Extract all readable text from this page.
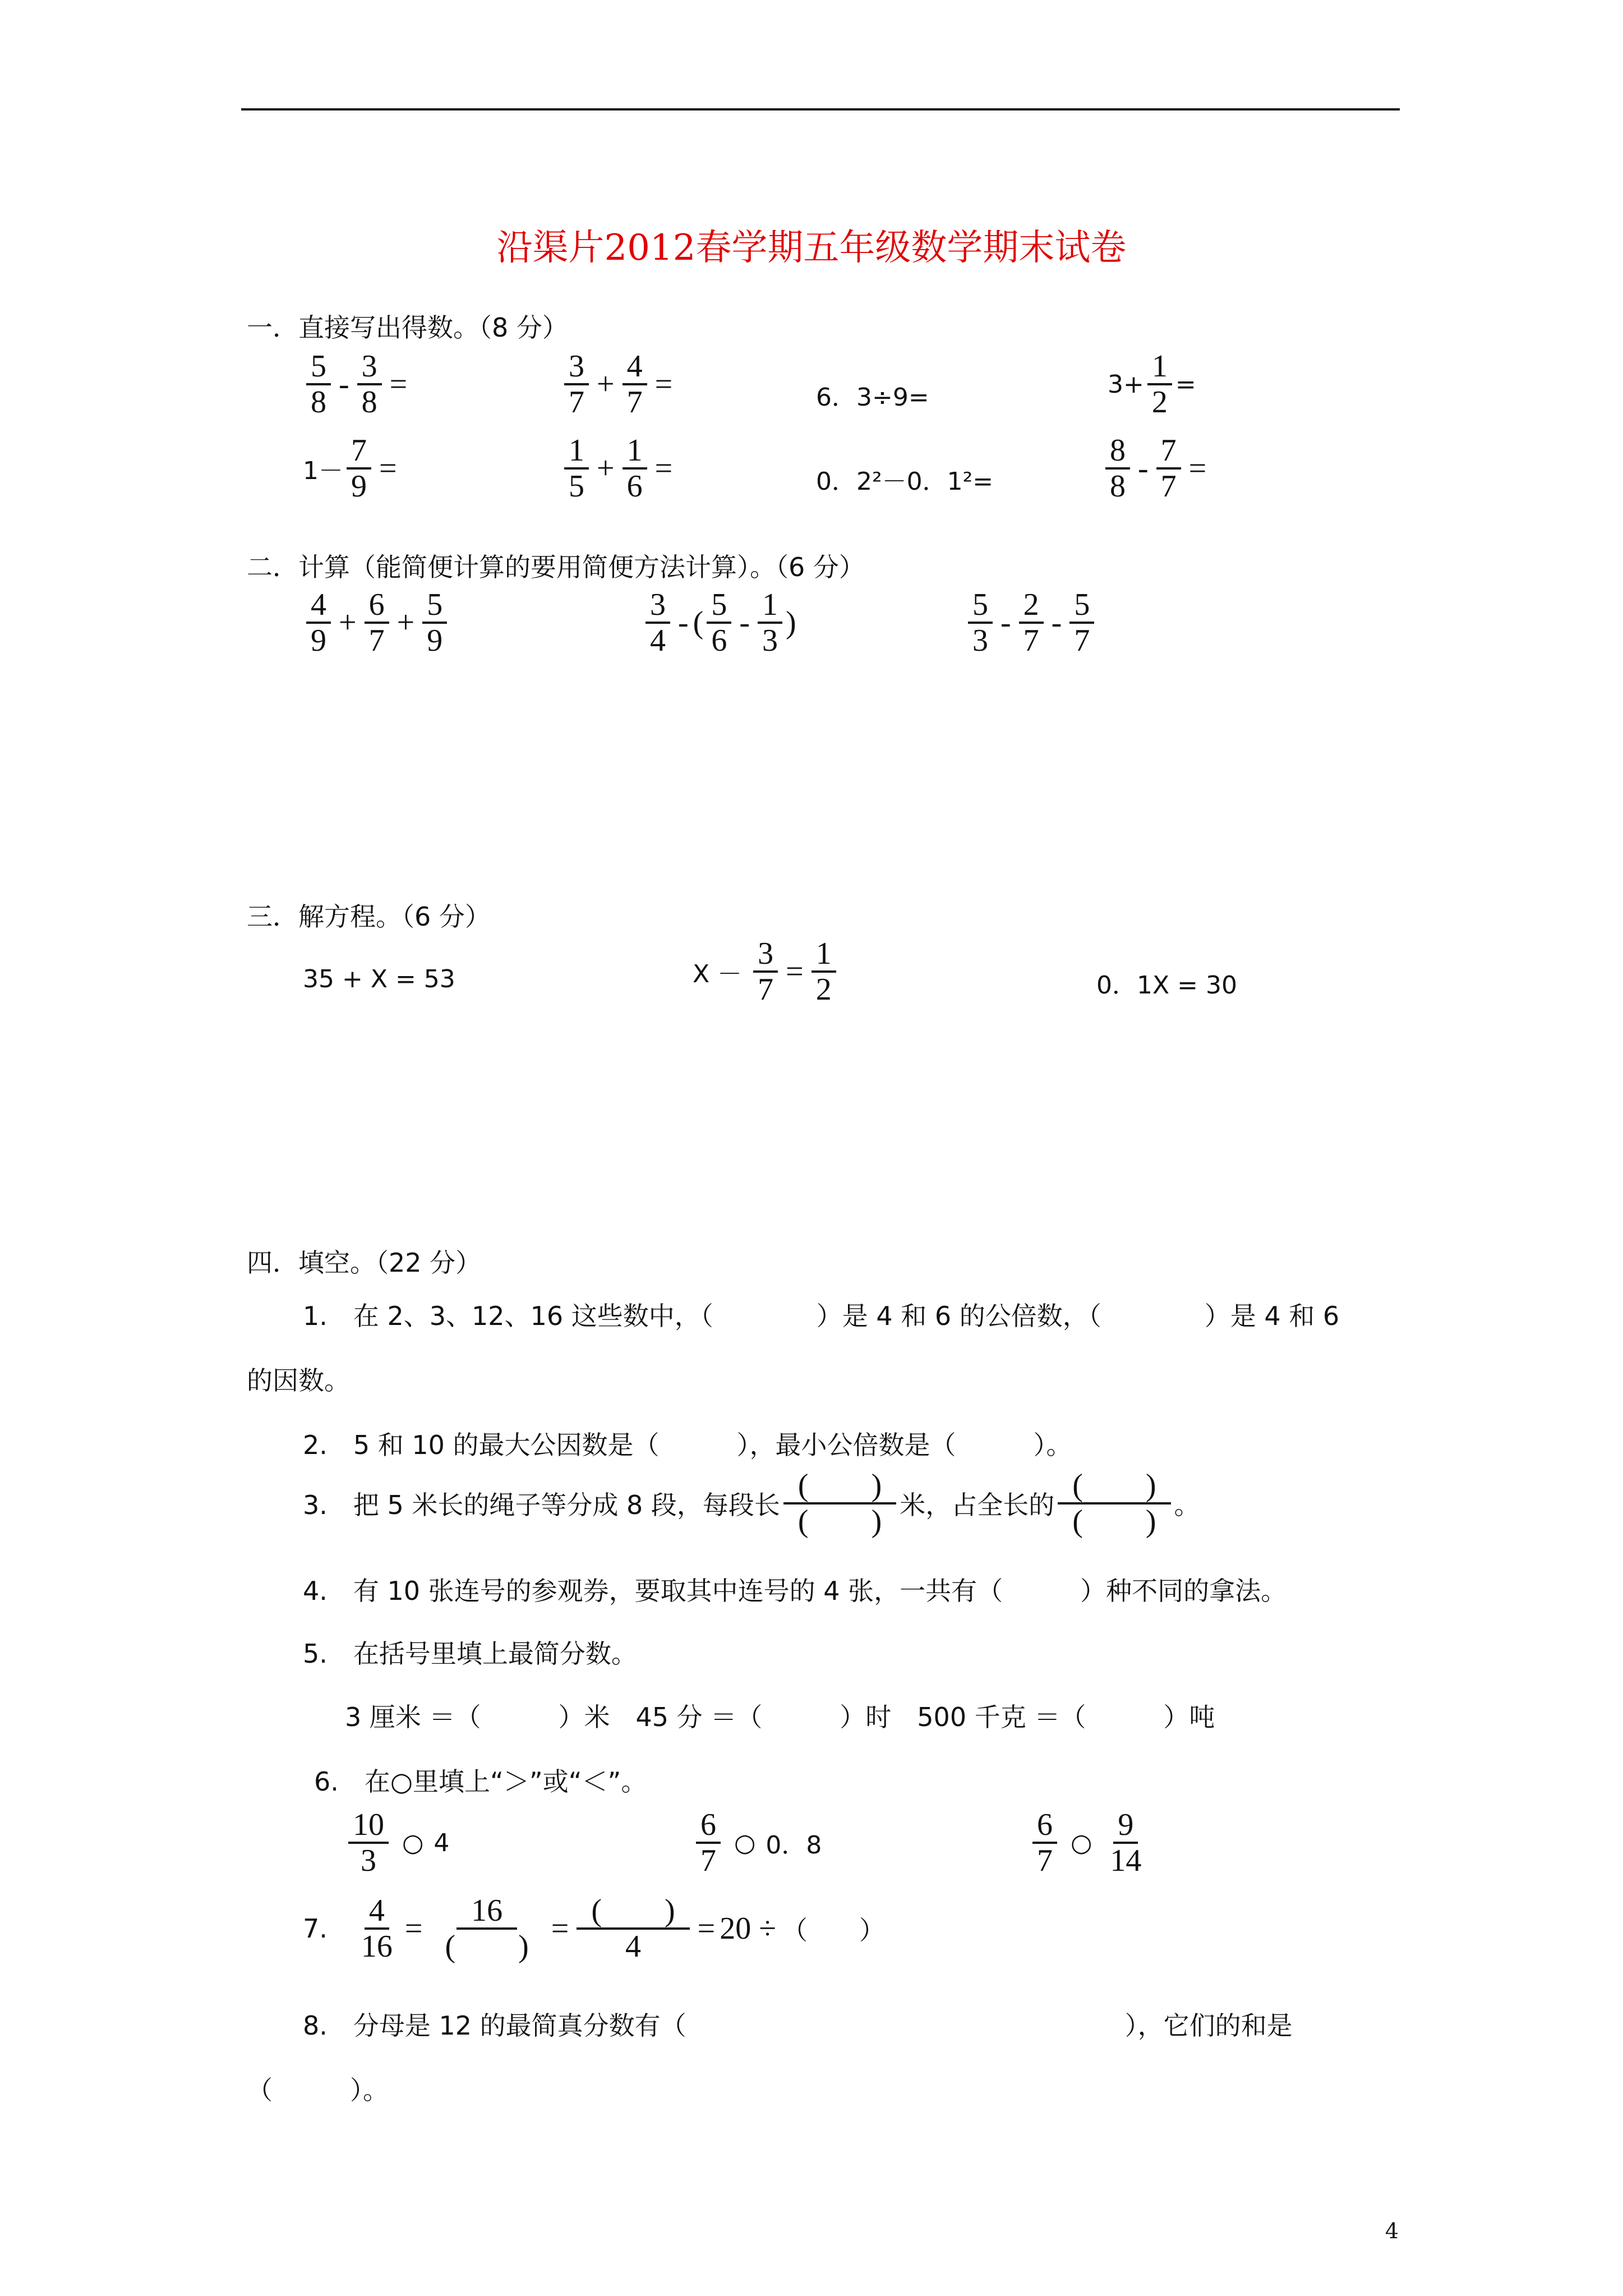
沿渠片2012春学期五年级数学期末试卷
一．直接写出得数。（8 分）
$\frac{5}{8} - \frac{3}{8}$ =	$\frac{3}{7} + \frac{4}{7}$ =	6．3÷9=	$3+ \frac{1}{2}$ =
$1- \frac{7}{9}$ =	$\frac{1}{5} + \frac{1}{6}$ =	0．2²－0．1²=	$\frac{8}{8} - \frac{7}{7}$ =
二．计算（能简便计算的要用简便方法计算）。（6 分）
$\frac{4}{9} + \frac{6}{7} + \frac{5}{9}$	$\frac{3}{4}$ - ( $\frac{5}{6} - \frac{1}{3}$ )	$\frac{5}{3} - \frac{2}{7} - \frac{5}{7}$
三．解方程。（6 分）
35 + X = 53	$X - \frac{3}{7} = \frac{1}{2}$	0．1X = 30
四．填空。（22 分）
1.　在 2、3、12、16 这些数中，（　　　　）是 4 和 6 的公倍数，（　　　　）是 4 和 6
的因数。
2.　5 和 10 的最大公因数是（　　　），最小公倍数是（　　　）。
3.　把 5 米长的绳子等分成 8 段，每段长 $\frac{( )}{( )}$ 米，占全长的 $\frac{( )}{( )}$ 。
4.　有 10 张连号的参观券，要取其中连号的 4 张，一共有（　　　）种不同的拿法。
5.　在括号里填上最简分数。
3 厘米 ＝（　　　）米　45 分 ＝（　　　）时　500 千克 ＝（　　　）吨
6.　在○里填上“＞”或“＜”。
$\frac{10}{3}$ ○ 4	$\frac{6}{7}$ ○ 0．8	$\frac{6}{7}$ ○ $\frac{9}{14}$
7. $\frac{4}{16} = \frac{16}{( )} = \frac{( )}{4} = 20$ ÷ （　　）
8.　分母是 12 的最简真分数有（　　　　　　　　　　　　　　　　　），它们的和是
（　　　）。
4
